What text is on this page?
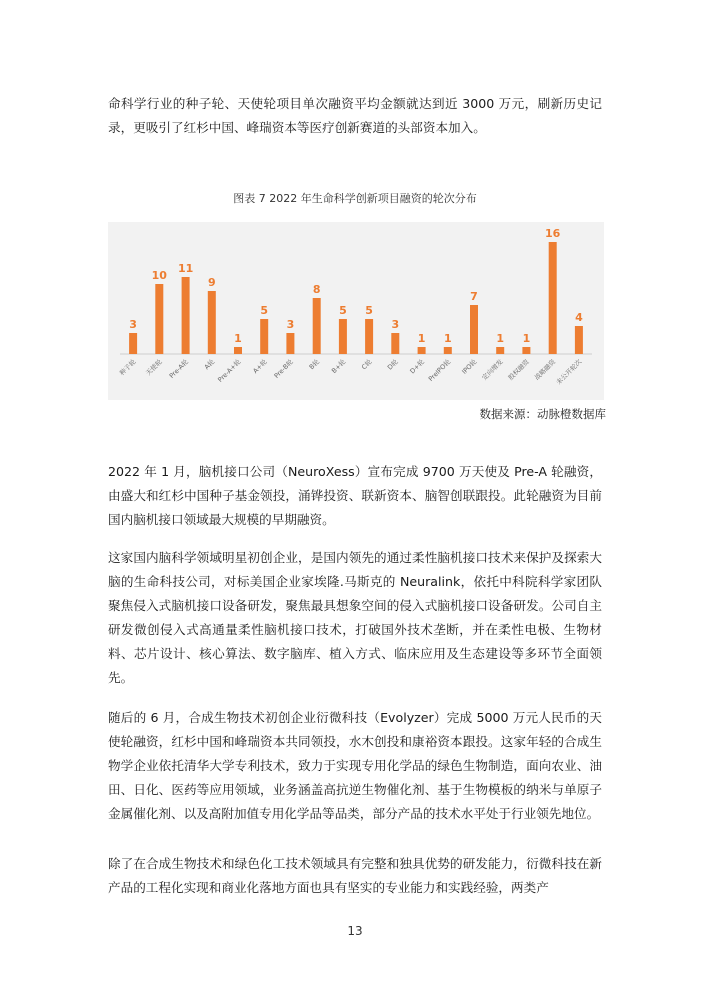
命科学行业的种子轮、天使轮项目单次融资平均金额就达到近 3000 万元，刷新历史记录，更吸引了红杉中国、峰瑞资本等医疗创新赛道的头部资本加入。

图表 7 2022 年生命科学创新项目融资的轮次分布
3
种子轮
10
天使轮
11
Pre-A轮
9
A轮
1
Pre-A+轮
5
A+轮
3
Pre-B轮
8
B轮
5
B+轮
5
C轮
3
D轮
1
D+轮
1
PreIPO轮
7
IPO轮
1
定向增发
1
股权融资
16
战略融资
4
未公开轮次
数据来源：动脉橙数据库

2022 年 1 月，脑机接口公司（NeuroXess）宣布完成 9700 万天使及 Pre-A 轮融资，由盛大和红杉中国种子基金领投，涌铧投资、联新资本、脑智创联跟投。此轮融资为目前国内脑机接口领域最大规模的早期融资。

这家国内脑科学领域明星初创企业，是国内领先的通过柔性脑机接口技术来保护及探索大脑的生命科技公司，对标美国企业家埃隆.马斯克的 Neuralink，依托中科院科学家团队聚焦侵入式脑机接口设备研发，聚焦最具想象空间的侵入式脑机接口设备研发。公司自主研发微创侵入式高通量柔性脑机接口技术，打破国外技术垄断，并在柔性电极、生物材料、芯片设计、核心算法、数字脑库、植入方式、临床应用及生态建设等多环节全面领先。

随后的 6 月，合成生物技术初创企业衍微科技（Evolyzer）完成 5000 万元人民币的天使轮融资，红杉中国和峰瑞资本共同领投，水木创投和康裕资本跟投。这家年轻的合成生物学企业依托清华大学专利技术，致力于实现专用化学品的绿色生物制造，面向农业、油田、日化、医药等应用领域，业务涵盖高抗逆生物催化剂、基于生物模板的纳米与单原子金属催化剂、以及高附加值专用化学品等品类，部分产品的技术水平处于行业领先地位。

除了在合成生物技术和绿色化工技术领域具有完整和独具优势的研发能力，衍微科技在新产品的工程化实现和商业化落地方面也具有坚实的专业能力和实践经验，两类产

13
